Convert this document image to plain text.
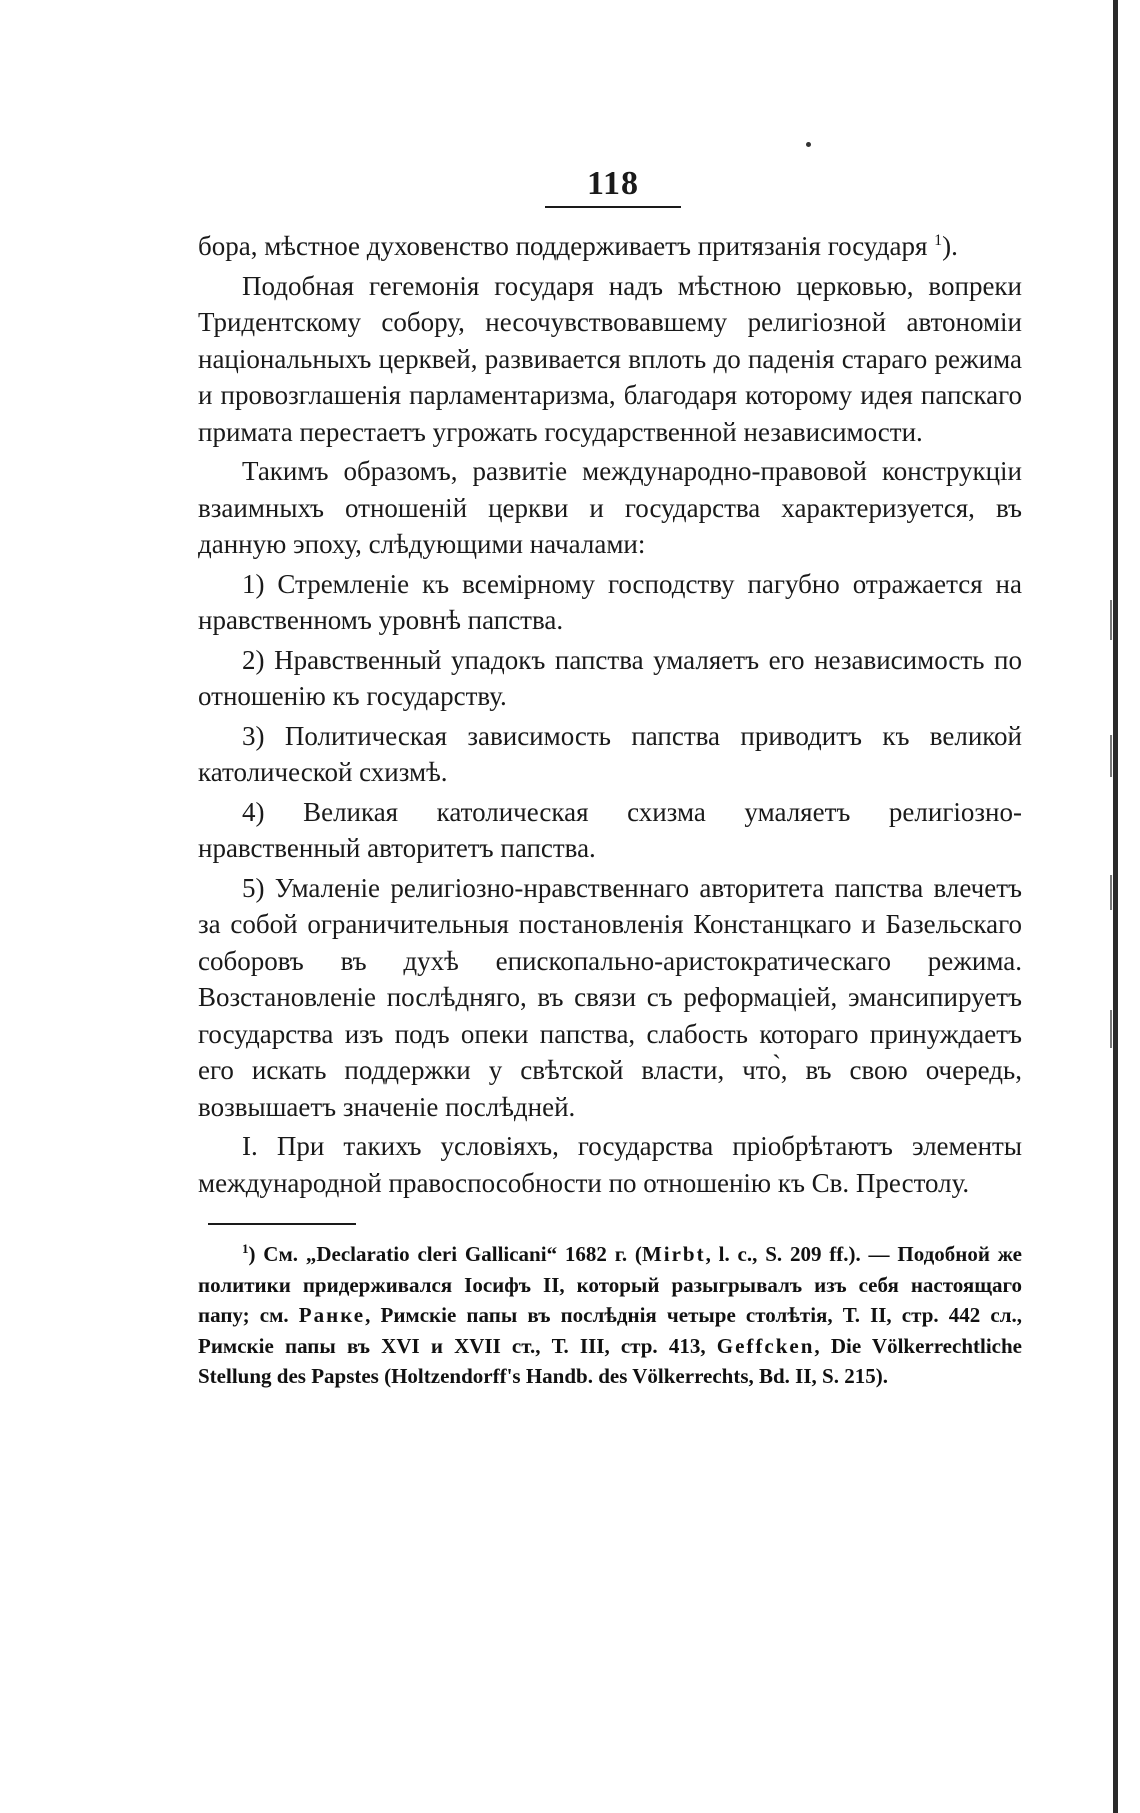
118

бора, мѣстное духовенство поддерживаетъ притязанія государя $^1$).

Подобная гегемонія государя надъ мѣстною церковью, вопреки Тридентскому собору, несочувствовавшему религіозной автономіи національныхъ церквей, развивается вплоть до паденія стараго режима и провозглашенія парламентаризма, благодаря которому идея папскаго примата перестаетъ угрожать государственной независимости.

Такимъ образомъ, развитіе международно-правовой конструкціи взаимныхъ отношеній церкви и государства характеризуется, въ данную эпоху, слѣдующими началами:

1) Стремленіе къ всемірному господству пагубно отражается на нравственномъ уровнѣ папства.

2) Нравственный упадокъ папства умаляетъ его независимость по отношенію къ государству.

3) Политическая зависимость папства приводитъ къ великой католической схизмѣ.

4) Великая католическая схизма умаляетъ религіозно-нравственный авторитетъ папства.

5) Умаленіе религіозно-нравственнаго авторитета папства влечетъ за собой ограничительныя постановленія Констанцкаго и Базельскаго соборовъ въ духѣ епископально-аристократическаго режима. Возстановленіе послѣдняго, въ связи съ реформаціей, эмансипируетъ государства изъ подъ опеки папства, слабость котораго принуждаетъ его искать поддержки у свѣтской власти, что̀, въ свою очередь, возвышаетъ значеніе послѣдней.

I. При такихъ условіяхъ, государства пріобрѣтаютъ элементы международной правоспособности по отношенію къ Св. Престолу.

$^1$) См. „Declaratio cleri Gallicani“ 1682 г. (Mirbt, l. c., S. 209 ff.). — Подобной же политики придерживался Іосифъ II, который разыгрывалъ изъ себя настоящаго папу; см. Ранке, Римскіе папы въ послѣднія четыре столѣтія, Т. II, стр. 442 сл., Римскіе папы въ XVI и XVII ст., Т. III, стр. 413, Geffcken, Die Völkerrechtliche Stellung des Papstes (Holtzendorff's Handb. des Völkerrechts, Bd. II, S. 215).
